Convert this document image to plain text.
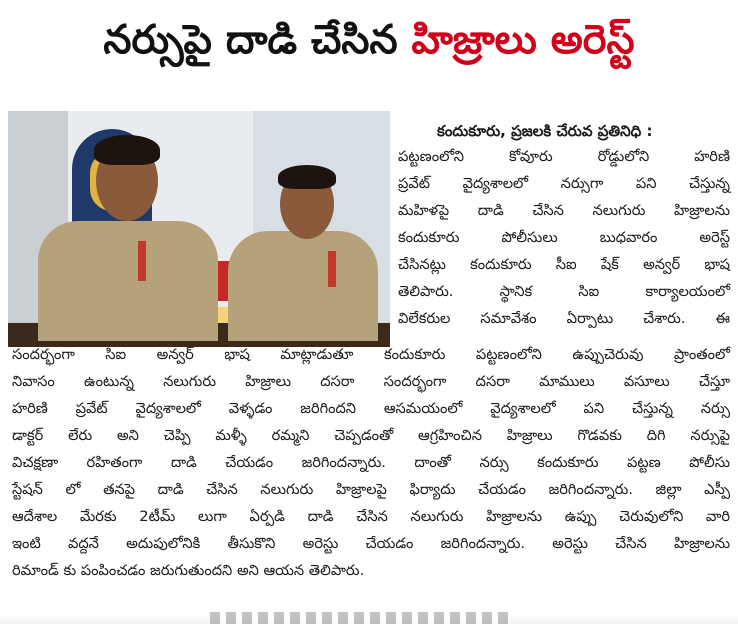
నర్సుపై దాడి చేసిన హిజ్రాలు అరెస్ట్
కందుకూరు, ప్రజలకి చేరువ ప్రతినిధి :
పట్టణంలోని కోవూరు రోడ్డులోని హరిణి
ప్రవేట్ వైద్యశాలలో నర్సుగా పని చేస్తున్న
మహిళపై దాడి చేసిన నలుగురు హిజ్రాలను
కందుకూరు పోలీసులు బుధవారం అరెస్ట్
చేసినట్లు కందుకూరు సీఐ షేక్ అన్వర్ భాష
తెలిపారు. స్థానిక సిఐ కార్యాలయంలో
విలేకరుల సమావేశం ఏర్పాటు చేశారు. ఈ
సందర్భంగా సిఐ అన్వర్ భాష మాట్లాడుతూ కందుకూరు పట్టణంలోని ఉప్పుచెరువు ప్రాంతంలో
నివాసం ఉంటున్న నలుగురు హిజ్రాలు దసరా సందర్భంగా దసరా మాములు వసూలు చేస్తూ
హరిణి ప్రవేట్ వైద్యశాలలో వెళ్ళడం జరిగిందని ఆసమయంలో వైద్యశాలలో పని చేస్తున్న నర్సు
డాక్టర్ లేరు అని చెప్పి మళ్ళీ రమ్మని చెప్పడంతో ఆగ్రహించిన హిజ్రాలు గొడవకు దిగి నర్సుపై
విచక్షణా రహితంగా దాడి చేయడం జరిగిందన్నారు. దాంతో నర్సు కందుకూరు పట్టణ పోలీసు
స్టేషన్ లో తనపై దాడి చేసిన నలుగురు హిజ్రాలపై ఫిర్యాదు చేయడం జరిగిందన్నారు. జిల్లా ఎస్పీ
ఆదేశాల మేరకు 2టీమ్ లుగా ఏర్పడి దాడి చేసిన నలుగురు హిజ్రాలను ఉప్పు చెరువులోని వారి
ఇంటి వద్దనే అదుపులోనికి తీసుకొని అరెస్టు చేయడం జరిగిందన్నారు. అరెస్టు చేసిన హిజ్రాలను
రిమాండ్ కు పంపించడం జరుగుతుందని అని ఆయన తెలిపారు.
